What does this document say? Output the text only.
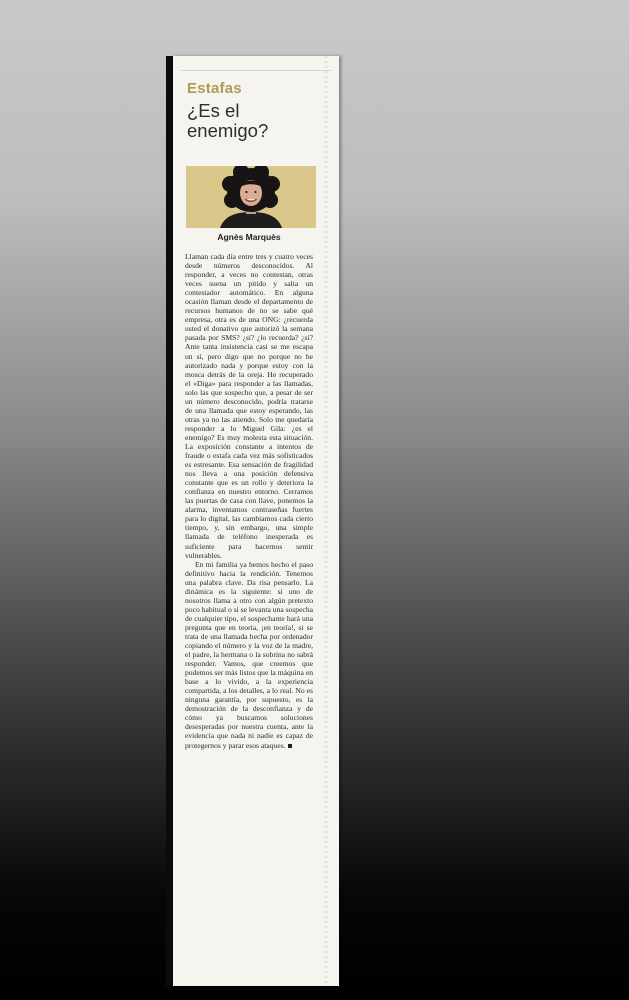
Estafas
¿Es el enemigo?
Agnès Marquès

Llaman cada día entre tres y cuatro veces desde números desconocidos. Al responder, a veces no contestan, otras veces suena un pitido y salta un contestador automático. En alguna ocasión llaman desde el departamento de recursos humanos de no se sabe qué empresa, otra es de una ONG: ¿recuerda usted el donativo que autorizó la semana pasada por SMS? ¿sí? ¿lo recuerda? ¿sí? Ante tanta insistencia casi se me escapa un sí, pero digo que no porque no he autorizado nada y porque estoy con la mosca detrás de la oreja. He recuperado el «Diga» para responder a las llamadas, solo las que sospecho que, a pesar de ser un número desconocido, podría tratarse de una llamada que estoy esperando, las otras ya no las atiendo. Solo me quedaría responder a lo Miguel Gila: ¿es el enemigo? Es muy molesta esta situación. La exposición constante a intentos de fraude o estafa cada vez más sofisticados es estresante. Esa sensación de fragilidad nos lleva a una posición defensiva constante que es un rollo y deteriora la confianza en nuestro entorno. Cerramos las puertas de casa con llave, ponemos la alarma, inventamos contraseñas fuertes para lo digital, las cambiamos cada cierto tiempo, y, sin embargo, una simple llamada de teléfono inesperada es suficiente para hacernos sentir vulnerables.

En mi familia ya hemos hecho el paso definitivo hacia la rendición. Tenemos una palabra clave. Da risa pensarlo. La dinámica es la siguiente: si uno de nosotros llama a otro con algún pretexto poco habitual o si se levanta una sospecha de cualquier tipo, el sospechante hará una pregunta que en teoría, ¡en teoría!, si se trata de una llamada hecha por ordenador copiando el número y la voz de la madre, el padre, la hermana o la sobrina no sabrá responder. Vamos, que creemos que podemos ser más listos que la máquina en base a lo vivido, a la experiencia compartida, a los detalles, a lo real. No es ninguna garantía, por supuesto, es la demostración de la desconfianza y de cómo ya buscamos soluciones desesperadas por nuestra cuenta, ante la evidencia que nada ni nadie es capaz de protegernos y parar esos ataques.
